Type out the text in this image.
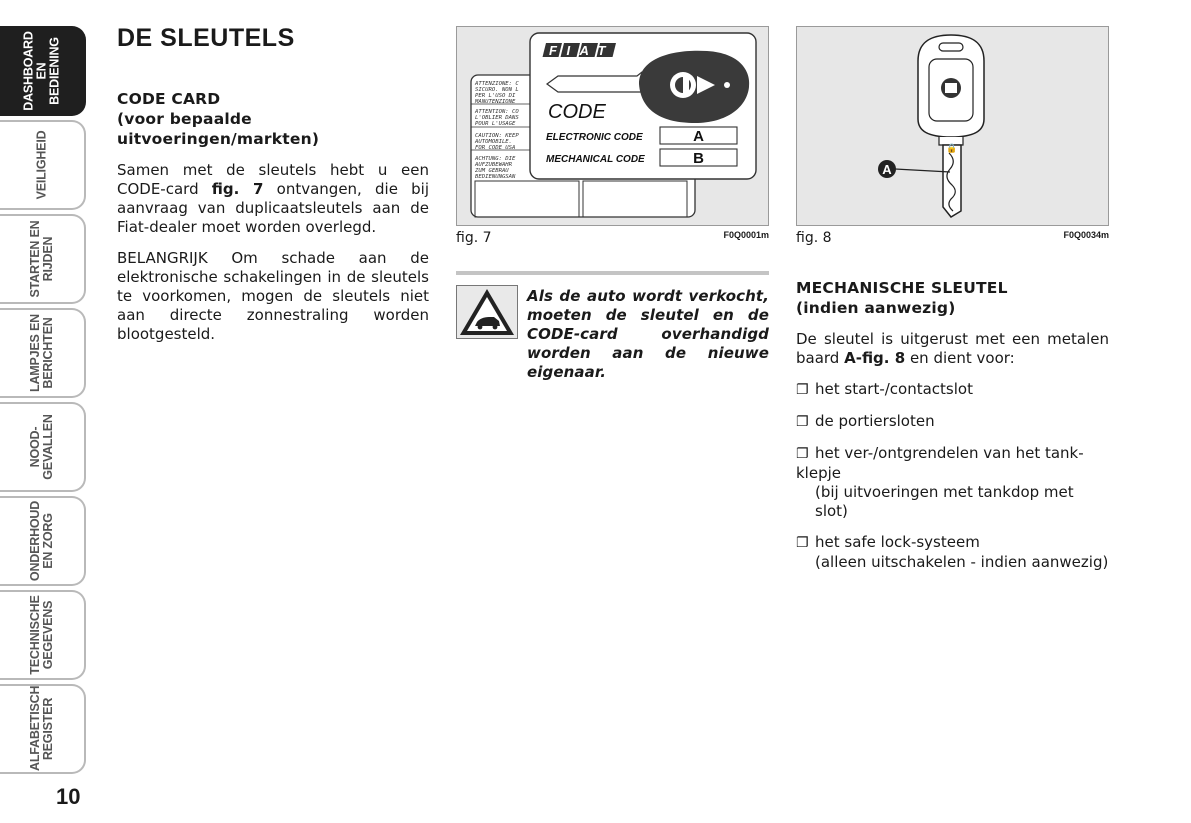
DASHBOARD
EN BEDIENING
VEILIGHEID
STARTEN EN
RIJDEN
LAMPJES EN
BERICHTEN
NOOD-
GEVALLEN
ONDERHOUD
EN ZORG
TECHNISCHE
GEGEVENS
ALFABETISCH
REGISTER
10
DE SLEUTELS
CODE CARD
(voor bepaalde
uitvoeringen/markten)

Samen met de sleutels hebt u een CODE-card fig. 7 ontvangen, die bij aanvraag van duplicaatsleutels aan de Fiat-dealer moet worden overlegd.

BELANGRIJK Om schade aan de elektronische schakelingen in de sleutels te voorkomen, mogen de sleutels niet aan directe zonnestraling worden blootgesteld.

ATTENZIONE: C
SICURO. NON L
PER L'USO DI
MANUTENZIONE
ATTENTION: CO
L'OBLIER DANS
POUR L'USAGE
CAUTION: KEEP
AUTOMOBILE.
FOR CODE USA
ACHTUNG: DIE
AUFZUBEWAHR
ZUM GEBRAU
BEDIENUNGSAN
FIAT
CODE
ELECTRONIC CODE	A
MECHANICAL CODE	B
fig. 7	F0Q0001m

Als de auto wordt verkocht, moeten de sleutel en de CODE-card overhandigd worden aan de nieuwe eigenaar.

🔒
A
fig. 8	F0Q0034m
MECHANISCHE SLEUTEL
(indien aanwezig)

De sleutel is uitgerust met een metalen baard A-fig. 8 en dient voor:

❐ het start-/contactslot
❐ de portiersloten
❐ het ver-/ontgrendelen van het tank-klepje
(bij uitvoeringen met tankdop met slot)
❐ het safe lock-systeem
(alleen uitschakelen - indien aanwezig)
